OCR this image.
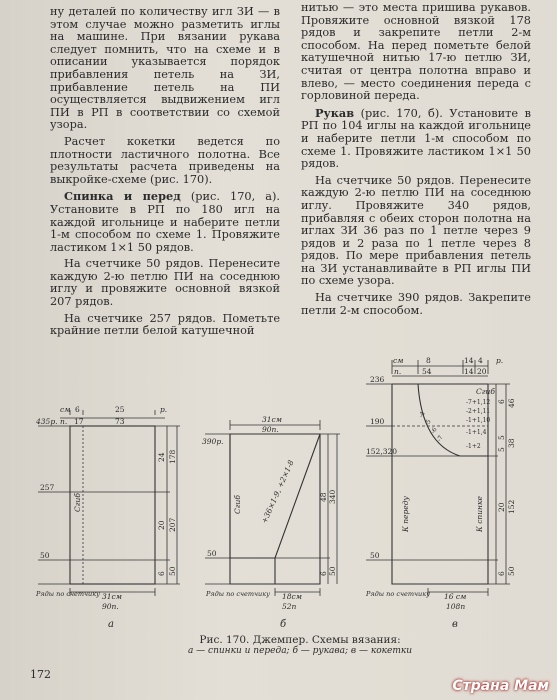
ну деталей по количеству игл ЗИ — в этом случае можно разметить иглы на машине. При вязании рукава следует помнить, что на схеме и в описании указывается порядок прибавления петель на ЗИ, прибавление петель на ПИ осуществляется выдвижением игл ПИ в РП в соответствии со схемой узора.

Расчет кокетки ведется по плотности ластичного полотна. Все результаты расчета приведены на выкройке-схеме (рис. 170).

Спинка и перед (рис. 170, а). Установите в РП по 180 игл на каждой игольнице и наберите петли 1-м способом по схеме 1. Провяжите ластиком 1×1 50 рядов.

На счетчике 50 рядов. Перенесите каждую 2-ю петлю ПИ на соседнюю иглу и провяжите основной вязкой 207 рядов.

На счетчике 257 рядов. Пометьте крайние петли белой катушечной

нитью — это места пришива рукавов. Провяжите основной вязкой 178 рядов и закрепите петли 2-м способом. На перед пометьте белой катушечной нитью 17-ю петлю ЗИ, считая от центра полотна вправо и влево, — место соединения переда с горловиной переда.

Рукав (рис. 170, б). Установите в РП по 104 иглы на каждой игольнице и наберите петли 1-м способом по схеме 1. Провяжите ластиком 1×1 50 рядов.

На счетчике 50 рядов. Перенесите каждую 2-ю петлю ПИ на соседнюю иглу. Провяжите 340 рядов, прибавляя с обеих сторон полотна на иглах ЗИ 36 раз по 1 петле через 9 рядов и 2 раза по 1 петле через 8 рядов. По мере прибавления петель на ЗИ устанавливайте в РП иглы ПИ по схеме узора.

На счетчике 390 рядов. Закрепите петли 2-м способом.

см 6	25	р.
п. 17	73
435р.
257
50
Сгиб
24
20
6
178
207
50
31см
90п.
Ряды по счетчику
а
31см
90п.
390р.
50
Сгиб +36×1-9, +2×1-8	48
6
340
50
18см
52п
Ряды по счетчику
б
см	8	14 4 р.
п.	54	14 20
236
190
152,320
50
Сгиб
-7+1,12
-2+1,11
-1+1,10
-1+1,4
-1+2
-4
-5
-6
-7
К переду	К спинке
6
5
5
20
6
46
38
152
50
16 см
108п
Ряды по счетчику
в
Рис. 170. Джемпер. Схемы вязания:
а — спинки и переда; б — рукава; в — кокетки
172
Страна Мам
